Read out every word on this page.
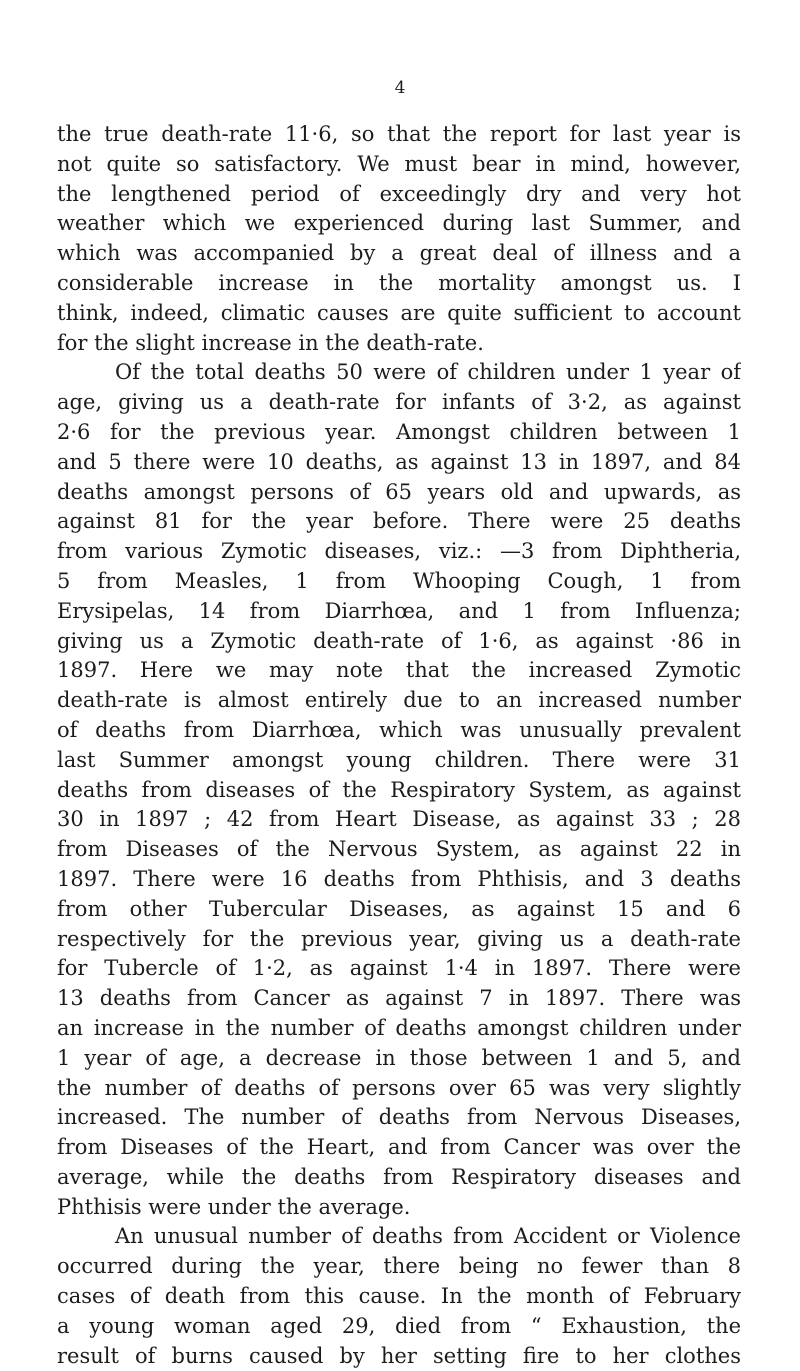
4
the true death-rate 11·6, so that the report for last year is
not quite so satisfactory. We must bear in mind, however,
the lengthened period of exceedingly dry and very hot
weather which we experienced during last Summer, and
which was accompanied by a great deal of illness and a
considerable increase in the mortality amongst us. I
think, indeed, climatic causes are quite sufficient to account
for the slight increase in the death-rate.
Of the total deaths 50 were of children under 1 year of
age, giving us a death-rate for infants of 3·2, as against
2·6 for the previous year. Amongst children between 1
and 5 there were 10 deaths, as against 13 in 1897, and 84
deaths amongst persons of 65 years old and upwards, as
against 81 for the year before. There were 25 deaths
from various Zymotic diseases, viz.: —3 from Diphtheria,
5 from Measles, 1 from Whooping Cough, 1 from
Erysipelas, 14 from Diarrhœa, and 1 from Influenza;
giving us a Zymotic death-rate of 1·6, as against ·86 in
1897. Here we may note that the increased Zymotic
death-rate is almost entirely due to an increased number
of deaths from Diarrhœa, which was unusually prevalent
last Summer amongst young children. There were 31
deaths from diseases of the Respiratory System, as against
30 in 1897 ; 42 from Heart Disease, as against 33 ; 28
from Diseases of the Nervous System, as against 22 in
1897. There were 16 deaths from Phthisis, and 3 deaths
from other Tubercular Diseases, as against 15 and 6
respectively for the previous year, giving us a death-rate
for Tubercle of 1·2, as against 1·4 in 1897. There were
13 deaths from Cancer as against 7 in 1897. There was
an increase in the number of deaths amongst children under
1 year of age, a decrease in those between 1 and 5, and
the number of deaths of persons over 65 was very slightly
increased. The number of deaths from Nervous Diseases,
from Diseases of the Heart, and from Cancer was over the
average, while the deaths from Respiratory diseases and
Phthisis were under the average.
An unusual number of deaths from Accident or Violence
occurred during the year, there being no fewer than 8
cases of death from this cause. In the month of February
a young woman aged 29, died from “ Exhaustion, the
result of burns caused by her setting fire to her clothes
